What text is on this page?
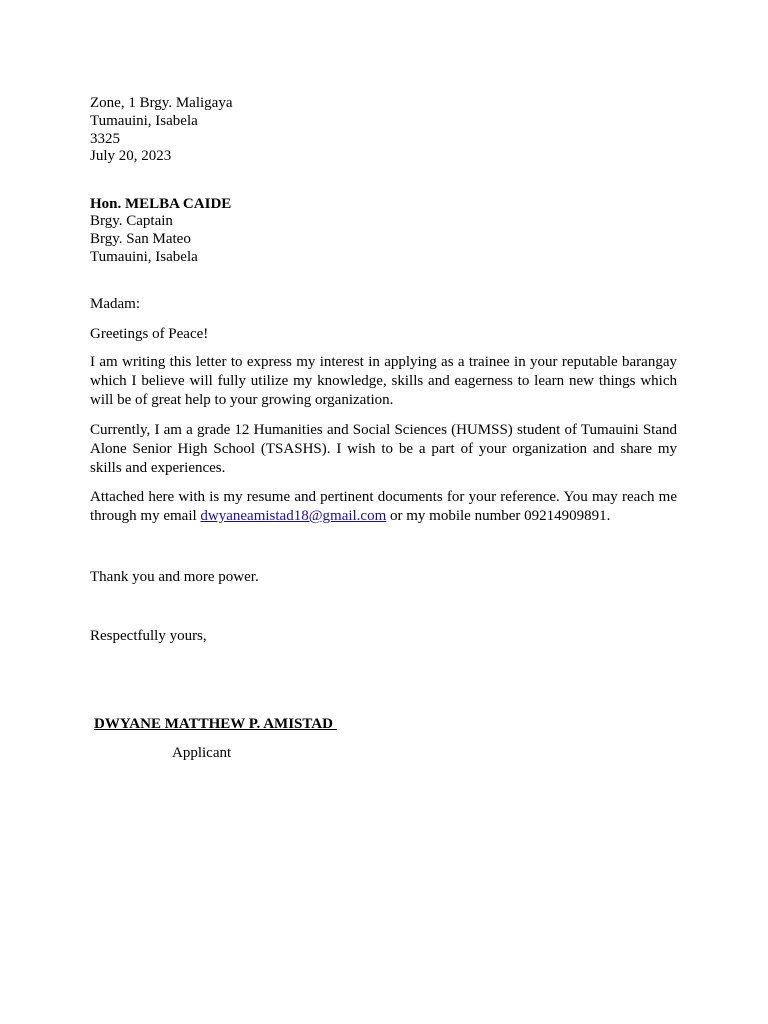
Zone, 1 Brgy. Maligaya
Tumauini, Isabela
3325
July 20, 2023
Hon. MELBA CAIDE
Brgy. Captain
Brgy. San Mateo
Tumauini, Isabela
Madam:
Greetings of Peace!
I am writing this letter to express my interest in applying as a trainee in your reputable barangay which I believe will fully utilize my knowledge, skills and eagerness to learn new things which will be of great help to your growing organization.
Currently, I am a grade 12 Humanities and Social Sciences (HUMSS) student of Tumauini Stand Alone Senior High School (TSASHS). I wish to be a part of your organization and share my skills and experiences.
Attached here with is my resume and pertinent documents for your reference. You may reach me through my email dwyaneamistad18@gmail.com or my mobile number 09214909891.
Thank you and more power.
Respectfully yours,
DWYANE MATTHEW P. AMISTAD
Applicant
